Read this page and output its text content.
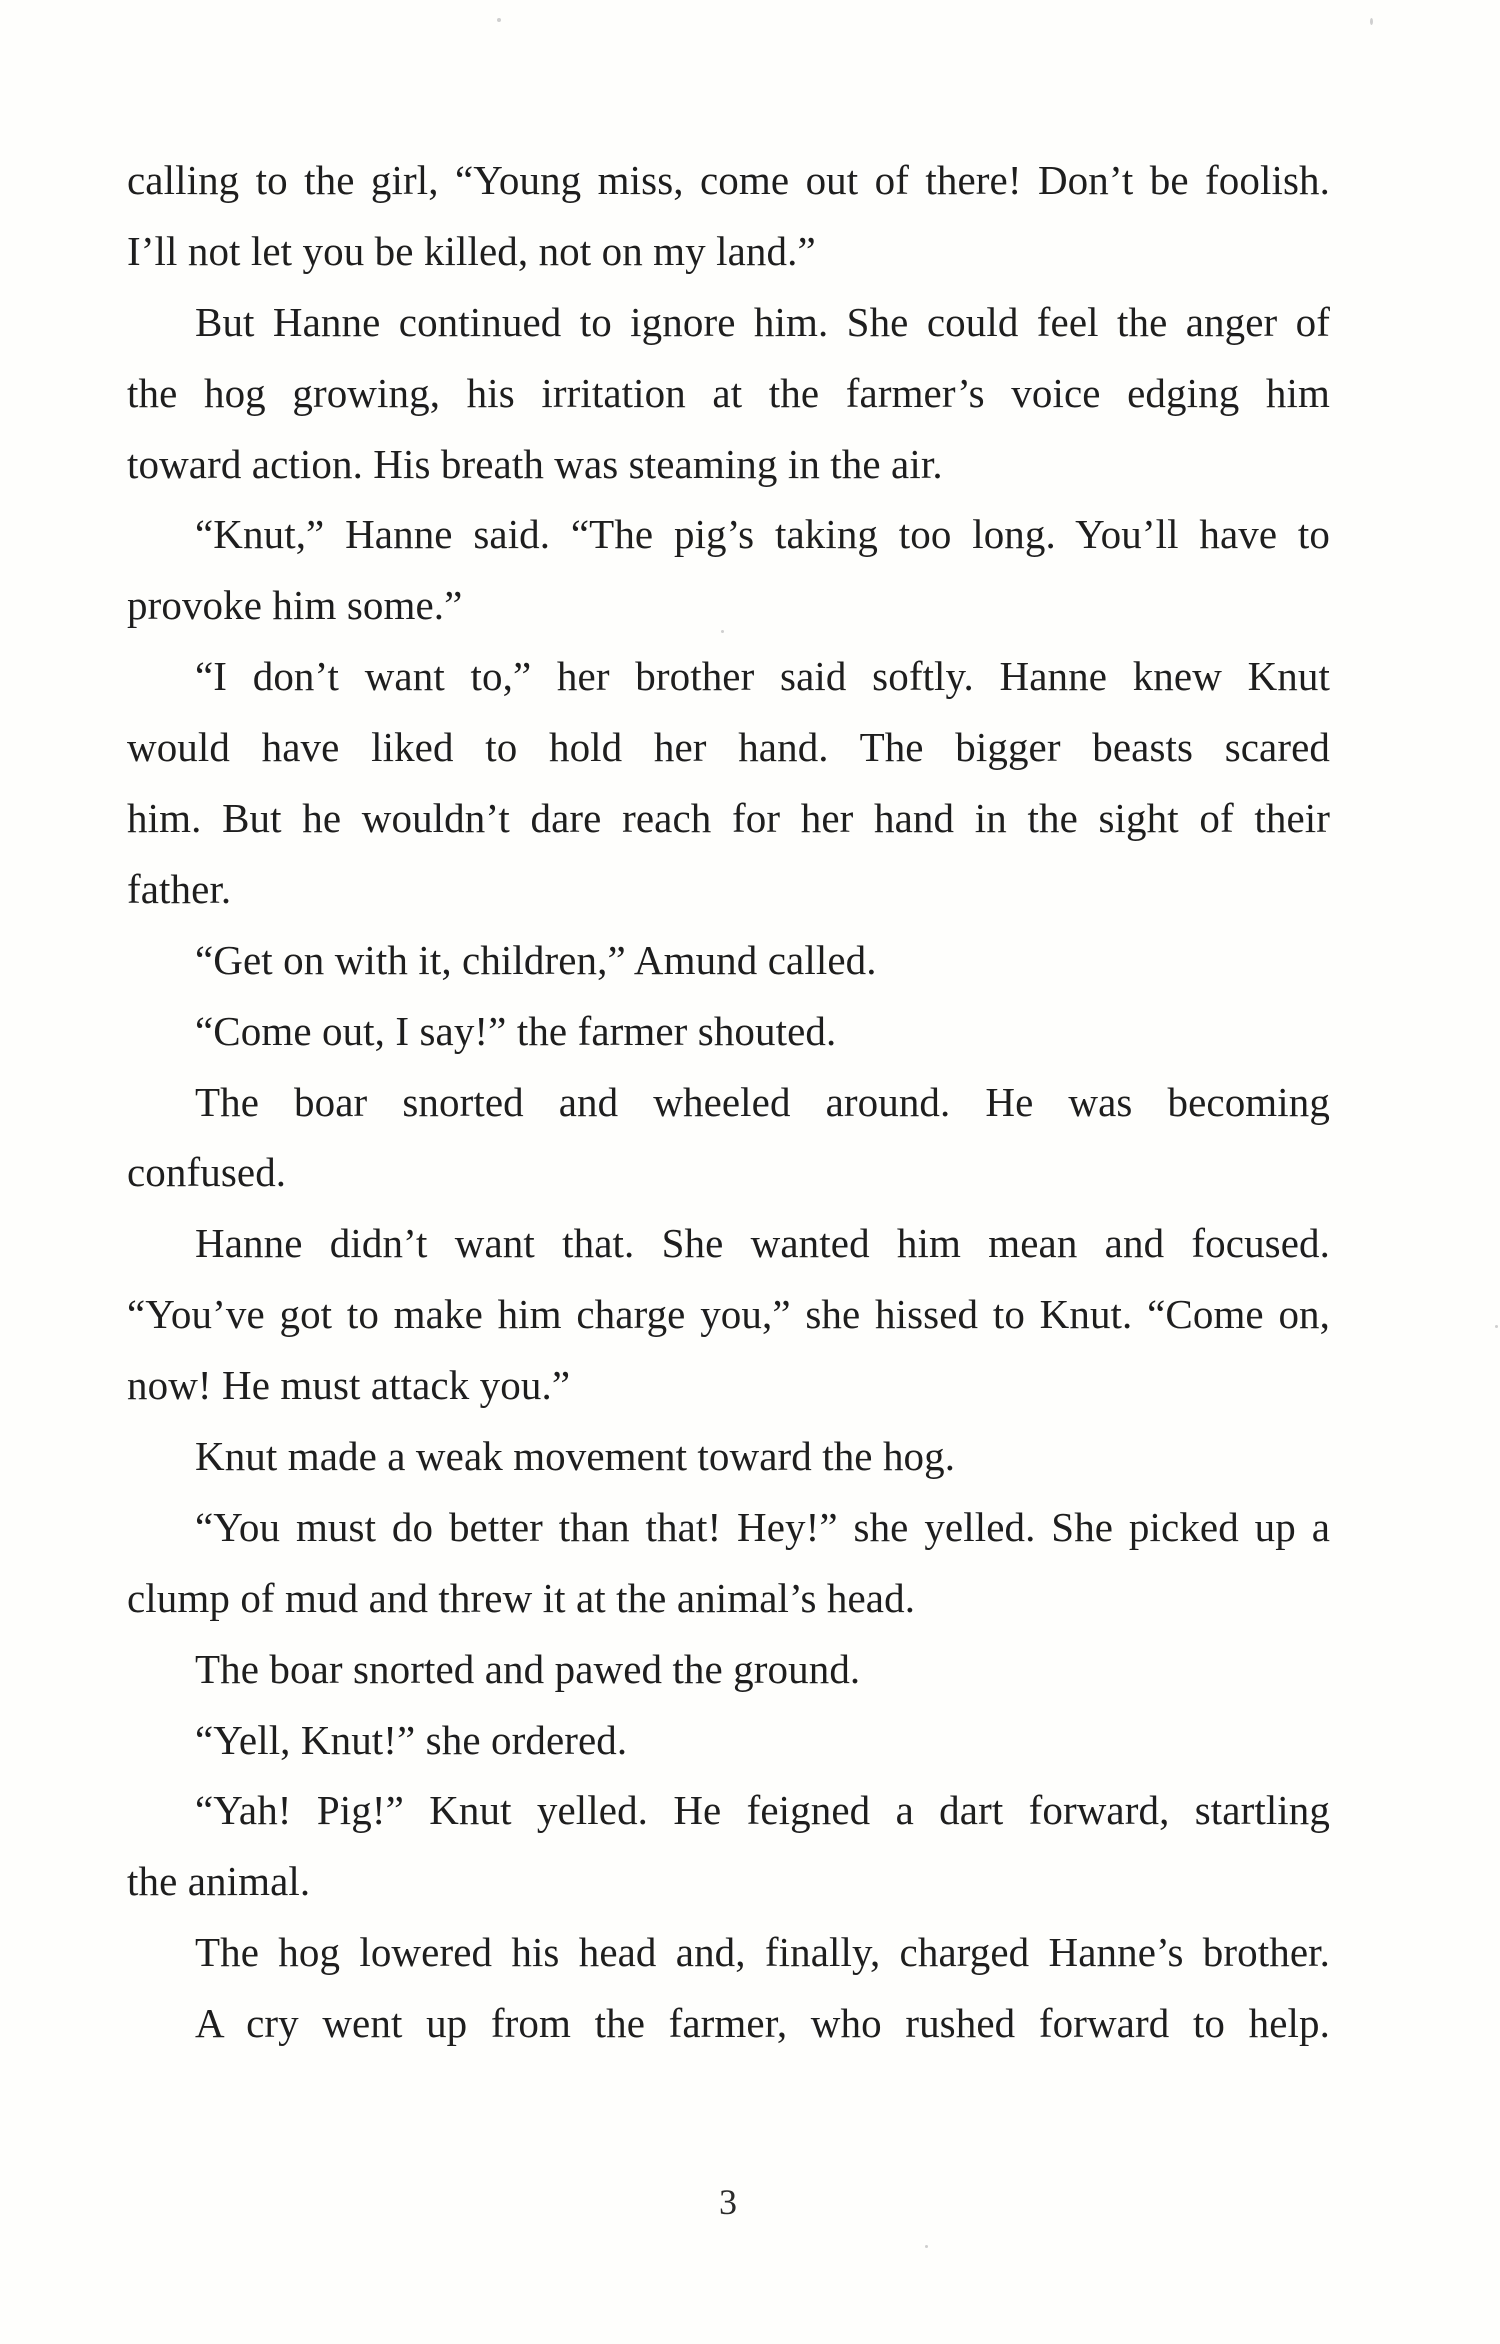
calling to the girl, “Young miss, come out of there! Don’t be foolish.
I’ll not let you be killed, not on my land.”
But Hanne continued to ignore him. She could feel the anger of
the hog growing, his irritation at the farmer’s voice edging him
toward action. His breath was steaming in the air.
“Knut,” Hanne said. “The pig’s taking too long. You’ll have to
provoke him some.”
“I don’t want to,” her brother said softly. Hanne knew Knut
would have liked to hold her hand. The bigger beasts scared
him. But he wouldn’t dare reach for her hand in the sight of their
father.
“Get on with it, children,” Amund called.
“Come out, I say!” the farmer shouted.
The boar snorted and wheeled around. He was becoming
confused.
Hanne didn’t want that. She wanted him mean and focused.
“You’ve got to make him charge you,” she hissed to Knut. “Come on,
now! He must attack you.”
Knut made a weak movement toward the hog.
“You must do better than that! Hey!” she yelled. She picked up a
clump of mud and threw it at the animal’s head.
The boar snorted and pawed the ground.
“Yell, Knut!” she ordered.
“Yah! Pig!” Knut yelled. He feigned a dart forward, startling
the animal.
The hog lowered his head and, finally, charged Hanne’s brother.
A cry went up from the farmer, who rushed forward to help.
3
